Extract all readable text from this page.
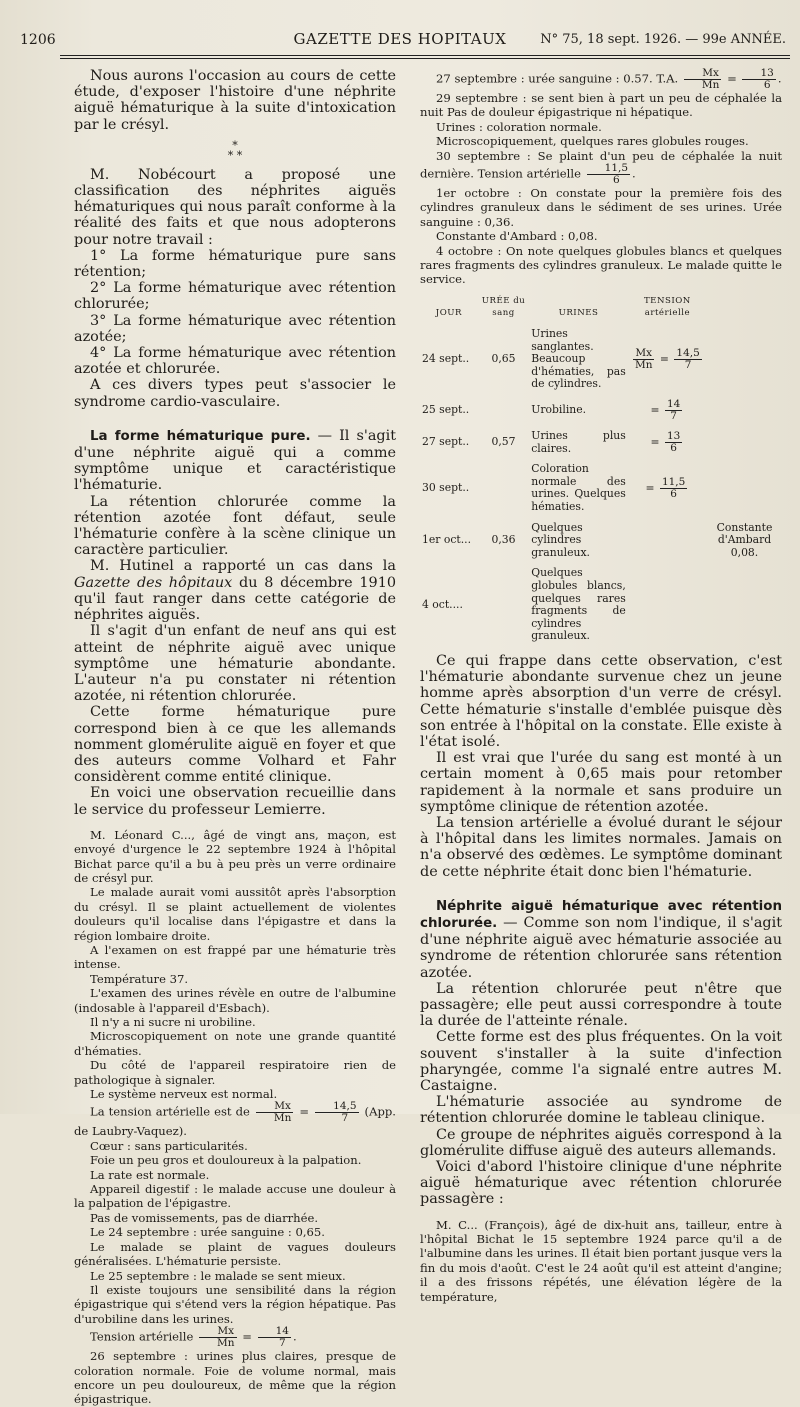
1206	GAZETTE DES HOPITAUX	N° 75, 18 sept. 1926. — 99e ANNÉE.

Nous aurons l'occasion au cours de cette étude, d'exposer l'histoire d'une néphrite aiguë hématurique à la suite d'intoxication par le crésyl.

*
* *

M. Nobécourt a proposé une classification des néphrites aiguës hématuriques qui nous paraît conforme à la réalité des faits et que nous adopterons pour notre travail :

1° La forme hématurique pure sans rétention;

2° La forme hématurique avec rétention chlorurée;

3° La forme hématurique avec rétention azotée;

4° La forme hématurique avec rétention azotée et chlorurée.

A ces divers types peut s'associer le syndrome cardio-vasculaire.

La forme hématurique pure. — Il s'agit d'une néphrite aiguë qui a comme symptôme unique et caractéristique l'hématurie.

La rétention chlorurée comme la rétention azotée font défaut, seule l'hématurie confère à la scène clinique un caractère particulier.

M. Hutinel a rapporté un cas dans la Gazette des hôpitaux du 8 décembre 1910 qu'il faut ranger dans cette catégorie de néphrites aiguës.

Il s'agit d'un enfant de neuf ans qui est atteint de néphrite aiguë avec unique symptôme une hématurie abondante. L'auteur n'a pu constater ni rétention azotée, ni rétention chlorurée.

Cette forme hématurique pure correspond bien à ce que les allemands nomment glomérulite aiguë en foyer et que des auteurs comme Volhard et Fahr considèrent comme entité clinique.

En voici une observation recueillie dans le service du professeur Lemierre.

M. Léonard C..., âgé de vingt ans, maçon, est envoyé d'urgence le 22 septembre 1924 à l'hôpital Bichat parce qu'il a bu à peu près un verre ordinaire de crésyl pur.

Le malade aurait vomi aussitôt après l'absorption du crésyl. Il se plaint actuellement de violentes douleurs qu'il localise dans l'épigastre et dans la région lombaire droite.

A l'examen on est frappé par une hématurie très intense.

Température 37.

L'examen des urines révèle en outre de l'albumine (indosable à l'appareil d'Esbach).

Il n'y a ni sucre ni urobiline.

Microscopiquement on note une grande quantité d'hématies.

Du côté de l'appareil respiratoire rien de pathologique à signaler.

Le système nerveux est normal.

La tension artérielle est de $\frac{Mx}{Mn} = \frac{14,5}{7} (App$. de Laubry-Vaquez).

Cœur : sans particularités.

Foie un peu gros et douloureux à la palpation.

La rate est normale.

Appareil digestif : le malade accuse une douleur à la palpation de l'épigastre.

Pas de vomissements, pas de diarrhée.

Le 24 septembre : urée sanguine : 0,65.

Le malade se plaint de vagues douleurs généralisées. L'hématurie persiste.

Le 25 septembre : le malade se sent mieux.

Il existe toujours une sensibilité dans la région épigastrique qui s'étend vers la région hépatique. Pas d'urobiline dans les urines.

Tension artérielle $\frac{Mx}{Mn} = \frac{14}{7}$ .

26 septembre : urines plus claires, presque de coloration normale. Foie de volume normal, mais encore un peu douloureux, de même que la région épigastrique.

27 septembre : urée sanguine : 0.57. T.A. $\frac{Mx}{Mn} = \frac{13}{6}$ .

29 septembre : se sent bien à part un peu de céphalée la nuit Pas de douleur épigastrique ni hépatique.

Urines : coloration normale.

Microscopiquement, quelques rares globules rouges.

30 septembre : Se plaint d'un peu de céphalée la nuit dernière. Tension artérielle $\frac{11,5}{6}$ .

1er octobre : On constate pour la première fois des cylindres granuleux dans le sédiment de ses urines. Urée sanguine : 0,36.

Constante d'Ambard : 0,08.

4 octobre : On note quelques globules blancs et quelques rares fragments des cylindres granuleux. Le malade quitte le service.

JOUR	URÉE du sang	URINES	TENSION artérielle	
24 sept..	0,65	Urines sanglantes. Beaucoup d'hématies, pas de cylindres.	$\frac{Mx}{Mn} = \frac{14,5}{7}$

25 sept..		Urobiline.	= $\frac{14}{7}$

27 sept..	0,57	Urines plus claires.	= $\frac{13}{6}$

30 sept..		Coloration normale des urines. Quelques hématies.	= $\frac{11,5}{6}$

1er oct...	0,36	Quelques cylindres granuleux.		Constante d'Ambard 0,08.
4 oct....		Quelques globules blancs, quelques rares fragments de cylindres granuleux.		

Ce qui frappe dans cette observation, c'est l'hématurie abondante survenue chez un jeune homme après absorption d'un verre de crésyl. Cette hématurie s'installe d'emblée puisque dès son entrée à l'hôpital on la constate. Elle existe à l'état isolé.

Il est vrai que l'urée du sang est monté à un certain moment à 0,65 mais pour retomber rapidement à la normale et sans produire un symptôme clinique de rétention azotée.

La tension artérielle a évolué durant le séjour à l'hôpital dans les limites normales. Jamais on n'a observé des œdèmes. Le symptôme dominant de cette néphrite était donc bien l'hématurie.

Néphrite aiguë hématurique avec rétention chlorurée. — Comme son nom l'indique, il s'agit d'une néphrite aiguë avec hématurie associée au syndrome de rétention chlorurée sans rétention azotée.

La rétention chlorurée peut n'être que passagère; elle peut aussi correspondre à toute la durée de l'atteinte rénale.

Cette forme est des plus fréquentes. On la voit souvent s'installer à la suite d'infection pharyngée, comme l'a signalé entre autres M. Castaigne.

L'hématurie associée au syndrome de rétention chlorurée domine le tableau clinique.

Ce groupe de néphrites aiguës correspond à la glomérulite diffuse aiguë des auteurs allemands.

Voici d'abord l'histoire clinique d'une néphrite aiguë hématurique avec rétention chlorurée passagère :

M. C... (François), âgé de dix-huit ans, tailleur, entre à l'hôpital Bichat le 15 septembre 1924 parce qu'il a de l'albumine dans les urines. Il était bien portant jusque vers la fin du mois d'août. C'est le 24 août qu'il est atteint d'angine; il a des frissons répétés, une élévation légère de la température,
